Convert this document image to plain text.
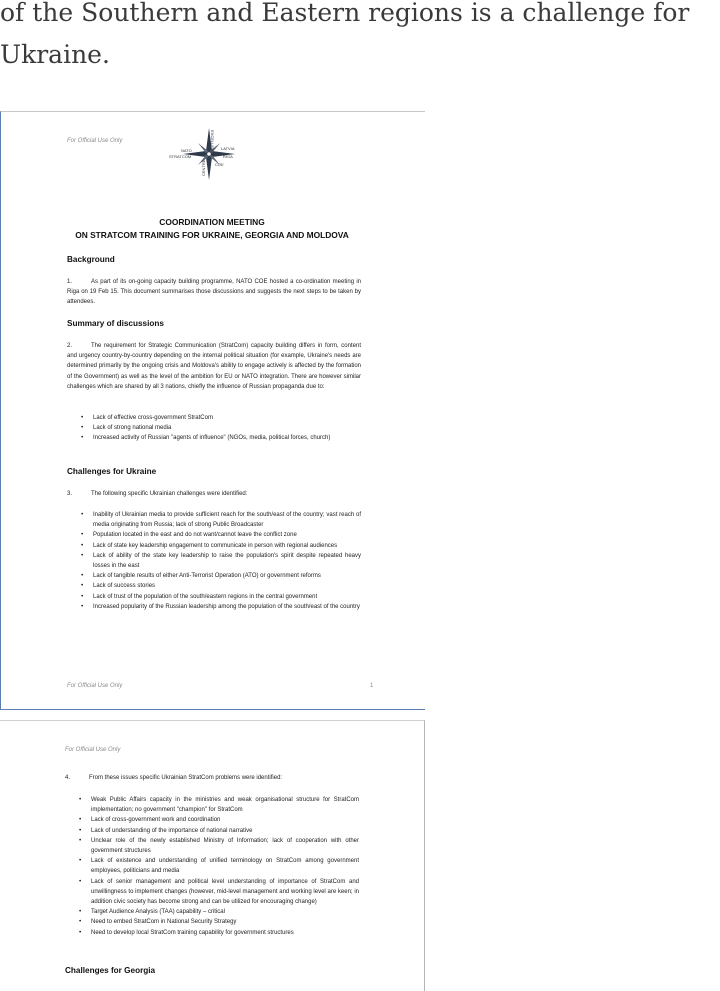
of the Southern and Eastern regions is a challenge for
Ukraine.

For Official Use Only
NATO	LATVIA
STRATCOM
EXCELLENCE
CENTRE
RIGA
COE
COORDINATION MEETING
ON STRATCOM TRAINING FOR UKRAINE, GEORGIA AND MOLDOVA
Background
1.	As part of its on-going capacity building programme, NATO COE hosted a co-ordination meeting in Riga on 19 Feb 15. This document summarises those discussions and suggests the next steps to be taken by attendees.
Summary of discussions
2.	The requirement for Strategic Communication (StratCom) capacity building differs in form, content and urgency country-by-country depending on the internal political situation (for example, Ukraine's needs are determined primarily by the ongoing crisis and Moldova's ability to engage actively is affected by the formation of the Government) as well as the level of the ambition for EU or NATO integration. There are however similar challenges which are shared by all 3 nations, chiefly the influence of Russian propaganda due to:
• Lack of effective cross-government StratCom
• Lack of strong national media
• Increased activity of Russian "agents of influence" (NGOs, media, political forces, church)
Challenges for Ukraine
3.	The following specific Ukrainian challenges were identified:
• Inability of Ukrainian media to provide sufficient reach for the south/east of the country; vast reach of media originating from Russia; lack of strong Public Broadcaster
• Population located in the east and do not want/cannot leave the conflict zone
• Lack of state key leadership engagement to communicate in person with regional audiences
• Lack of ability of the state key leadership to raise the population's spirit despite repeated heavy losses in the east
• Lack of tangible results of either Anti-Terrorist Operation (ATO) or government reforms
• Lack of success stories
• Lack of trust of the population of the south/eastern regions in the central government
• Increased popularity of the Russian leadership among the population of the south/east of the country
For Official Use Only	1
For Official Use Only
4.	From these issues specific Ukrainian StratCom problems were identified:
• Weak Public Affairs capacity in the ministries and weak organisational structure for StratCom implementation; no government "champion" for StratCom
• Lack of cross-government work and coordination
• Lack of understanding of the importance of national narrative
• Unclear role of the newly established Ministry of Information; lack of cooperation with other government structures
• Lack of existence and understanding of unified terminology on StratCom among government employees, politicians and media
• Lack of senior management and political level understanding of importance of StratCom and unwillingness to implement changes (however, mid-level management and working level are keen; in addition civic society has become strong and can be utilized for encouraging change)
• Target Audience Analysis (TAA) capability – critical
• Need to embed StratCom in National Security Strategy
• Need to develop local StratCom training capability for government structures
Challenges for Georgia
